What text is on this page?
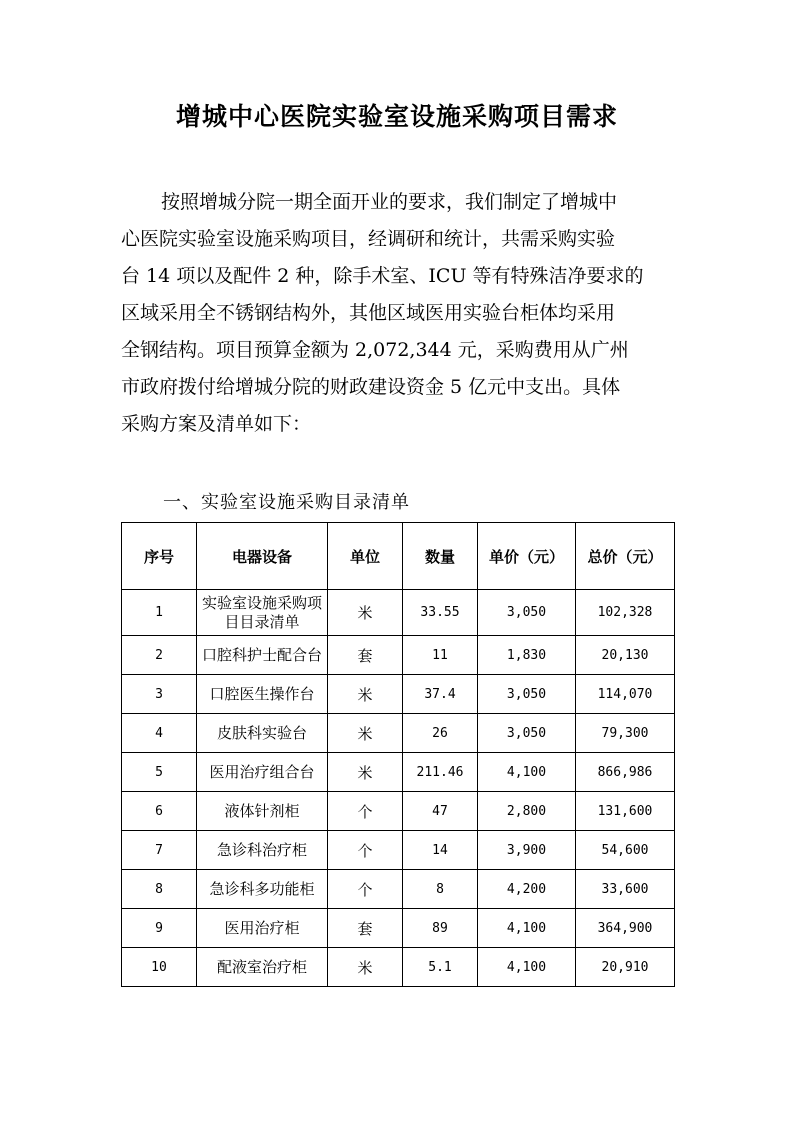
增城中心医院实验室设施采购项目需求
按照增城分院一期全面开业的要求，我们制定了增城中
心医院实验室设施采购项目，经调研和统计，共需采购实验
台 14 项以及配件 2 种，除手术室、ICU 等有特殊洁净要求的
区域采用全不锈钢结构外，其他区域医用实验台柜体均采用
全钢结构。项目预算金额为 2,072,344 元，采购费用从广州
市政府拨付给增城分院的财政建设资金 5 亿元中支出。具体
采购方案及清单如下：
一、实验室设施采购目录清单
序号	电器设备	单位	数量	单价（元）	总价（元）
1	实验室设施采购项目目录清单	米	33.55	3,050	102,328
2	口腔科护士配合台	套	11	1,830	20,130
3	口腔医生操作台	米	37.4	3,050	114,070
4	皮肤科实验台	米	26	3,050	79,300
5	医用治疗组合台	米	211.46	4,100	866,986
6	液体针剂柜	个	47	2,800	131,600
7	急诊科治疗柜	个	14	3,900	54,600
8	急诊科多功能柜	个	8	4,200	33,600
9	医用治疗柜	套	89	4,100	364,900
10	配液室治疗柜	米	5.1	4,100	20,910
